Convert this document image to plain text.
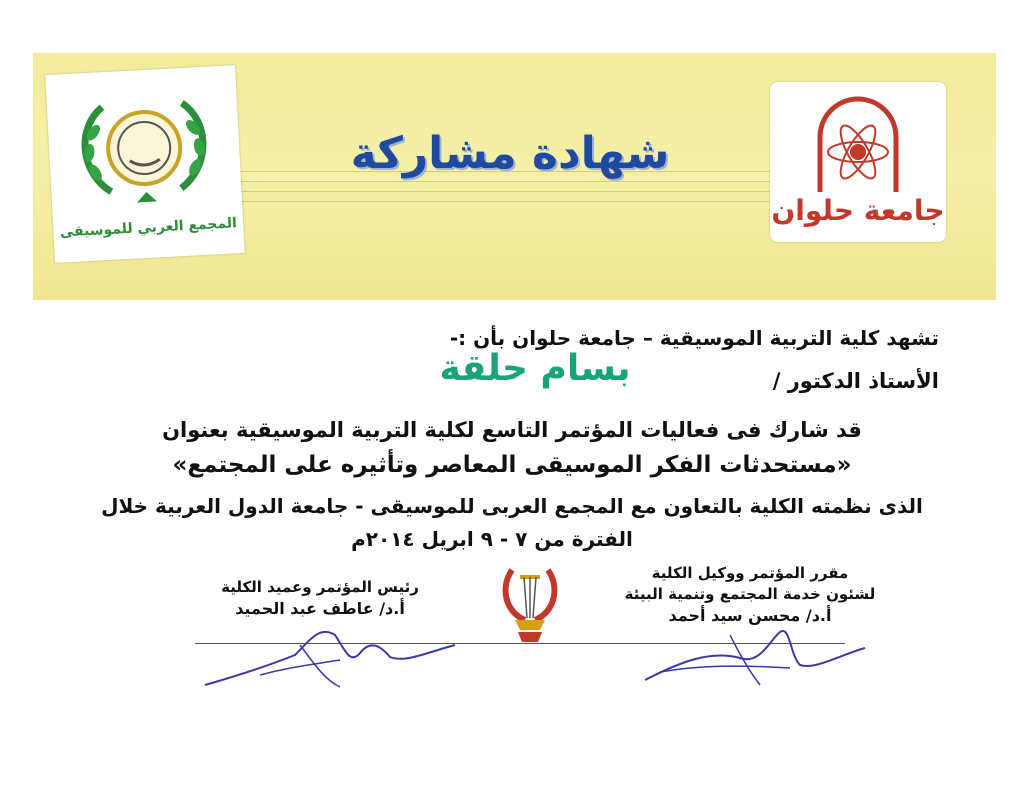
المجمع العربي للموسيقى
شهادة مشاركة
جامعة حلوان
تشهد كلية التربية الموسيقية – جامعة حلوان بأن :-
الأستاذ الدكتور /
بسام حلقة
قد شارك فى فعاليات المؤتمر التاسع لكلية التربية الموسيقية بعنوان
«مستحدثات الفكر الموسيقى المعاصر وتأثيره على المجتمع»
الذى نظمته الكلية بالتعاون مع المجمع العربى للموسيقى - جامعة الدول العربية خلال
الفترة من ٧ - ٩ ابريل ٢٠١٤م
رئيس المؤتمر وعميد الكلية
أ.د/ عاطف عبد الحميد
مقرر المؤتمر ووكيل الكلية
لشئون خدمة المجتمع وتنمية البيئة
أ.د/ محسن سيد أحمد
